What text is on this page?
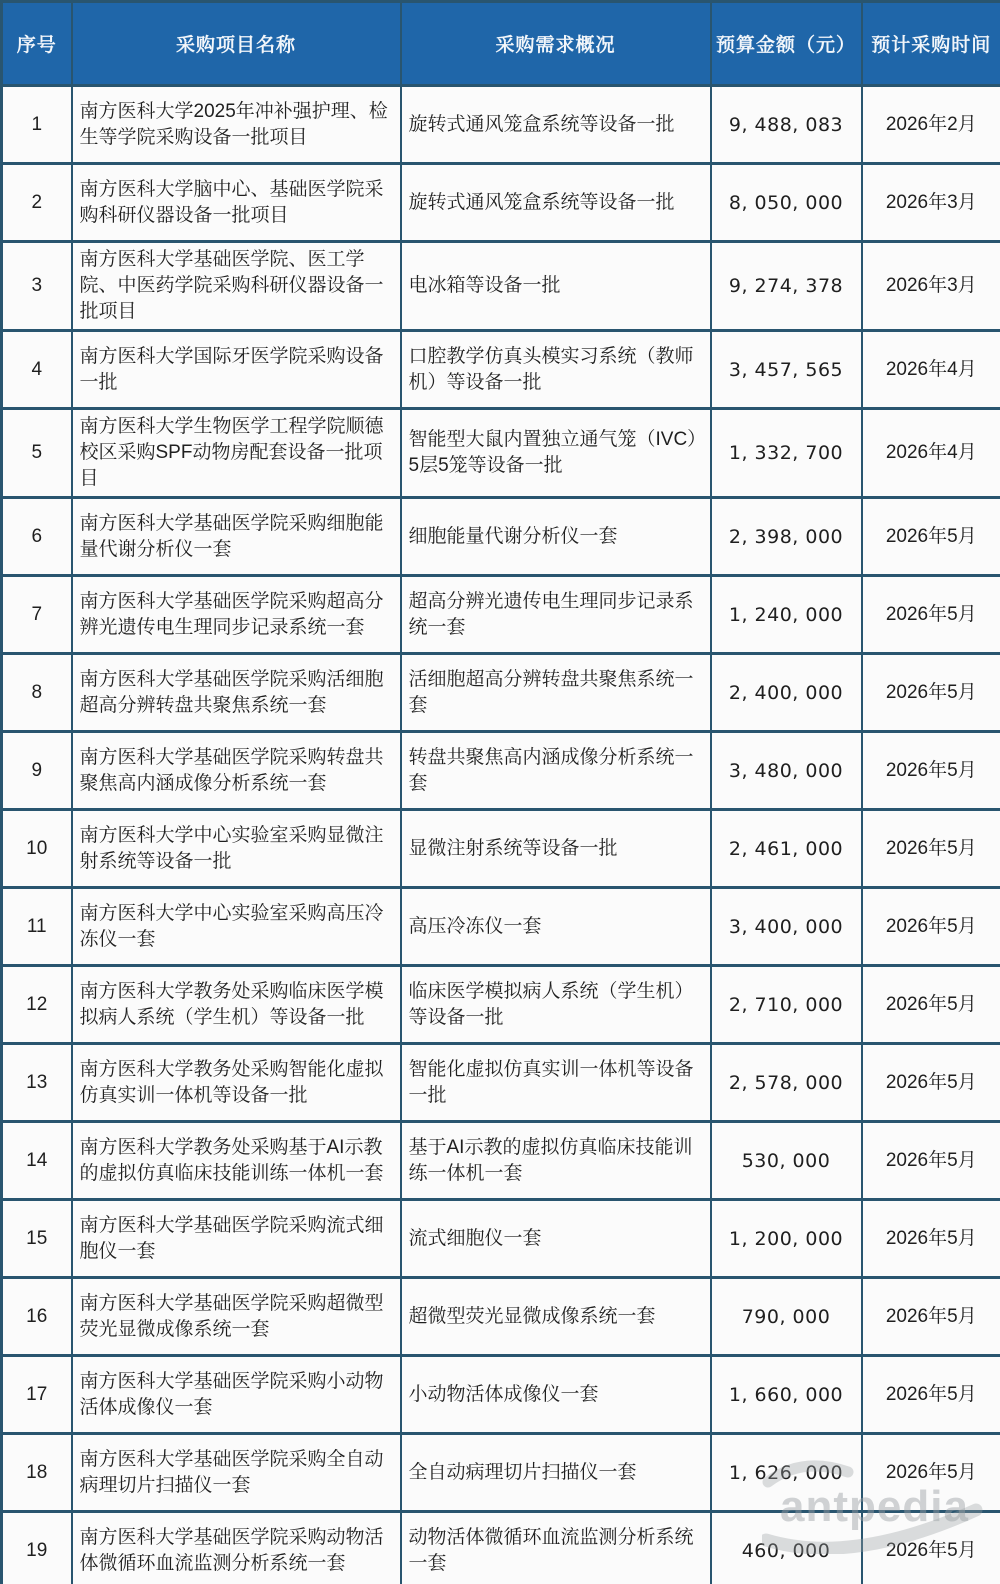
序号	采购项目名称	采购需求概况	预算金额（元）	预计采购时间
1	南方医科大学2025年冲补强护理、检生等学院采购设备一批项目	旋转式通风笼盒系统等设备一批	9, 488, 083	2026年2月
2	南方医科大学脑中心、基础医学院采购科研仪器设备一批项目	旋转式通风笼盒系统等设备一批	8, 050, 000	2026年3月
3	南方医科大学基础医学院、医工学院、中医药学院采购科研仪器设备一批项目	电冰箱等设备一批	9, 274, 378	2026年3月
4	南方医科大学国际牙医学院采购设备一批	口腔教学仿真头模实习系统（教师机）等设备一批	3, 457, 565	2026年4月
5	南方医科大学生物医学工程学院顺德校区采购SPF动物房配套设备一批项目	智能型大鼠内置独立通气笼（IVC）5层5笼等设备一批	1, 332, 700	2026年4月
6	南方医科大学基础医学院采购细胞能量代谢分析仪一套	细胞能量代谢分析仪一套	2, 398, 000	2026年5月
7	南方医科大学基础医学院采购超高分辨光遗传电生理同步记录系统一套	超高分辨光遗传电生理同步记录系统一套	1, 240, 000	2026年5月
8	南方医科大学基础医学院采购活细胞超高分辨转盘共聚焦系统一套	活细胞超高分辨转盘共聚焦系统一套	2, 400, 000	2026年5月
9	南方医科大学基础医学院采购转盘共聚焦高内涵成像分析系统一套	转盘共聚焦高内涵成像分析系统一套	3, 480, 000	2026年5月
10	南方医科大学中心实验室采购显微注射系统等设备一批	显微注射系统等设备一批	2, 461, 000	2026年5月
11	南方医科大学中心实验室采购高压冷冻仪一套	高压冷冻仪一套	3, 400, 000	2026年5月
12	南方医科大学教务处采购临床医学模拟病人系统（学生机）等设备一批	临床医学模拟病人系统（学生机）等设备一批	2, 710, 000	2026年5月
13	南方医科大学教务处采购智能化虚拟仿真实训一体机等设备一批	智能化虚拟仿真实训一体机等设备一批	2, 578, 000	2026年5月
14	南方医科大学教务处采购基于AI示教的虚拟仿真临床技能训练一体机一套	基于AI示教的虚拟仿真临床技能训练一体机一套	530, 000	2026年5月
15	南方医科大学基础医学院采购流式细胞仪一套	流式细胞仪一套	1, 200, 000	2026年5月
16	南方医科大学基础医学院采购超微型荧光显微成像系统一套	超微型荧光显微成像系统一套	790, 000	2026年5月
17	南方医科大学基础医学院采购小动物活体成像仪一套	小动物活体成像仪一套	1, 660, 000	2026年5月
18	南方医科大学基础医学院采购全自动病理切片扫描仪一套	全自动病理切片扫描仪一套	1, 626, 000	2026年5月
19	南方医科大学基础医学院采购动物活体微循环血流监测分析系统一套	动物活体微循环血流监测分析系统一套	460, 000	2026年5月
antpedia
